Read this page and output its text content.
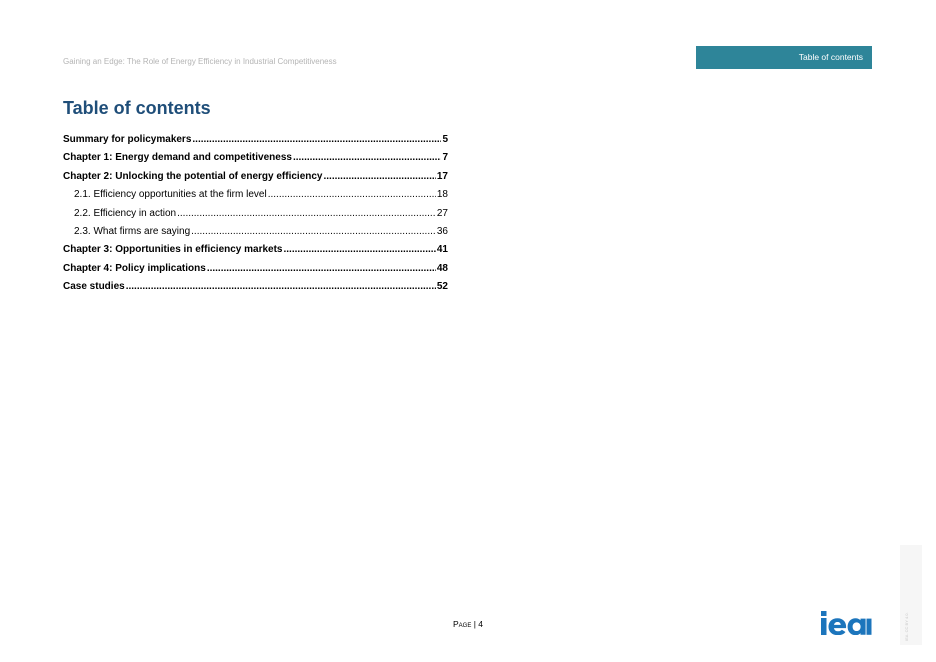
Gaining an Edge: The Role of Energy Efficiency in Industrial Competitiveness	Table of contents
Table of contents
Summary for policymakers .....	5
Chapter 1: Energy demand and competitiveness .....	7
Chapter 2: Unlocking the potential of energy efficiency .....	17
2.1. Efficiency opportunities at the firm level .....	18
2.2. Efficiency in action .....	27
2.3. What firms are saying .....	36
Chapter 3: Opportunities in efficiency markets .....	41
Chapter 4: Policy implications .....	48
Case studies .....	52
Page | 4	IEA. CC BY 4.0.
